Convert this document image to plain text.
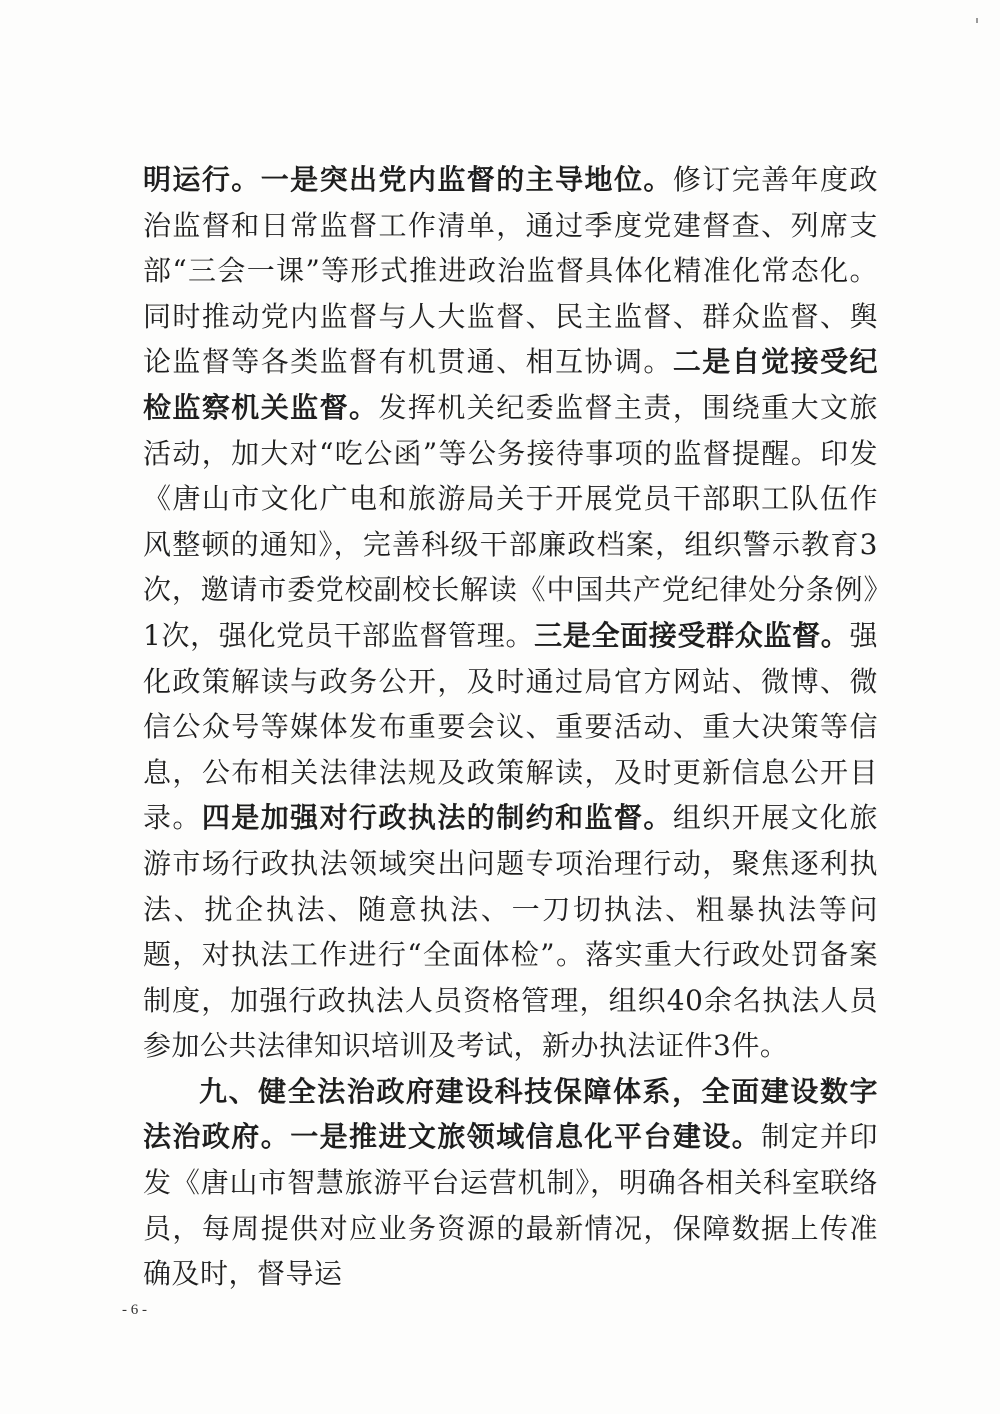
明运行。一是突出党内监督的主导地位。修订完善年度政治监督和日常监督工作清单，通过季度党建督查、列席支部“三会一课”等形式推进政治监督具体化精准化常态化。同时推动党内监督与人大监督、民主监督、群众监督、舆论监督等各类监督有机贯通、相互协调。二是自觉接受纪检监察机关监督。发挥机关纪委监督主责，围绕重大文旅活动，加大对“吃公函”等公务接待事项的监督提醒。印发《唐山市文化广电和旅游局关于开展党员干部职工队伍作风整顿的通知》，完善科级干部廉政档案，组织警示教育3次，邀请市委党校副校长解读《中国共产党纪律处分条例》1次，强化党员干部监督管理。三是全面接受群众监督。强化政策解读与政务公开，及时通过局官方网站、微博、微信公众号等媒体发布重要会议、重要活动、重大决策等信息，公布相关法律法规及政策解读，及时更新信息公开目录。四是加强对行政执法的制约和监督。组织开展文化旅游市场行政执法领域突出问题专项治理行动，聚焦逐利执法、扰企执法、随意执法、一刀切执法、粗暴执法等问题，对执法工作进行“全面体检”。落实重大行政处罚备案制度，加强行政执法人员资格管理，组织40余名执法人员参加公共法律知识培训及考试，新办执法证件3件。

九、健全法治政府建设科技保障体系，全面建设数字法治政府。一是推进文旅领域信息化平台建设。制定并印发《唐山市智慧旅游平台运营机制》，明确各相关科室联络员，每周提供对应业务资源的最新情况，保障数据上传准确及时，督导运

- 6 -
